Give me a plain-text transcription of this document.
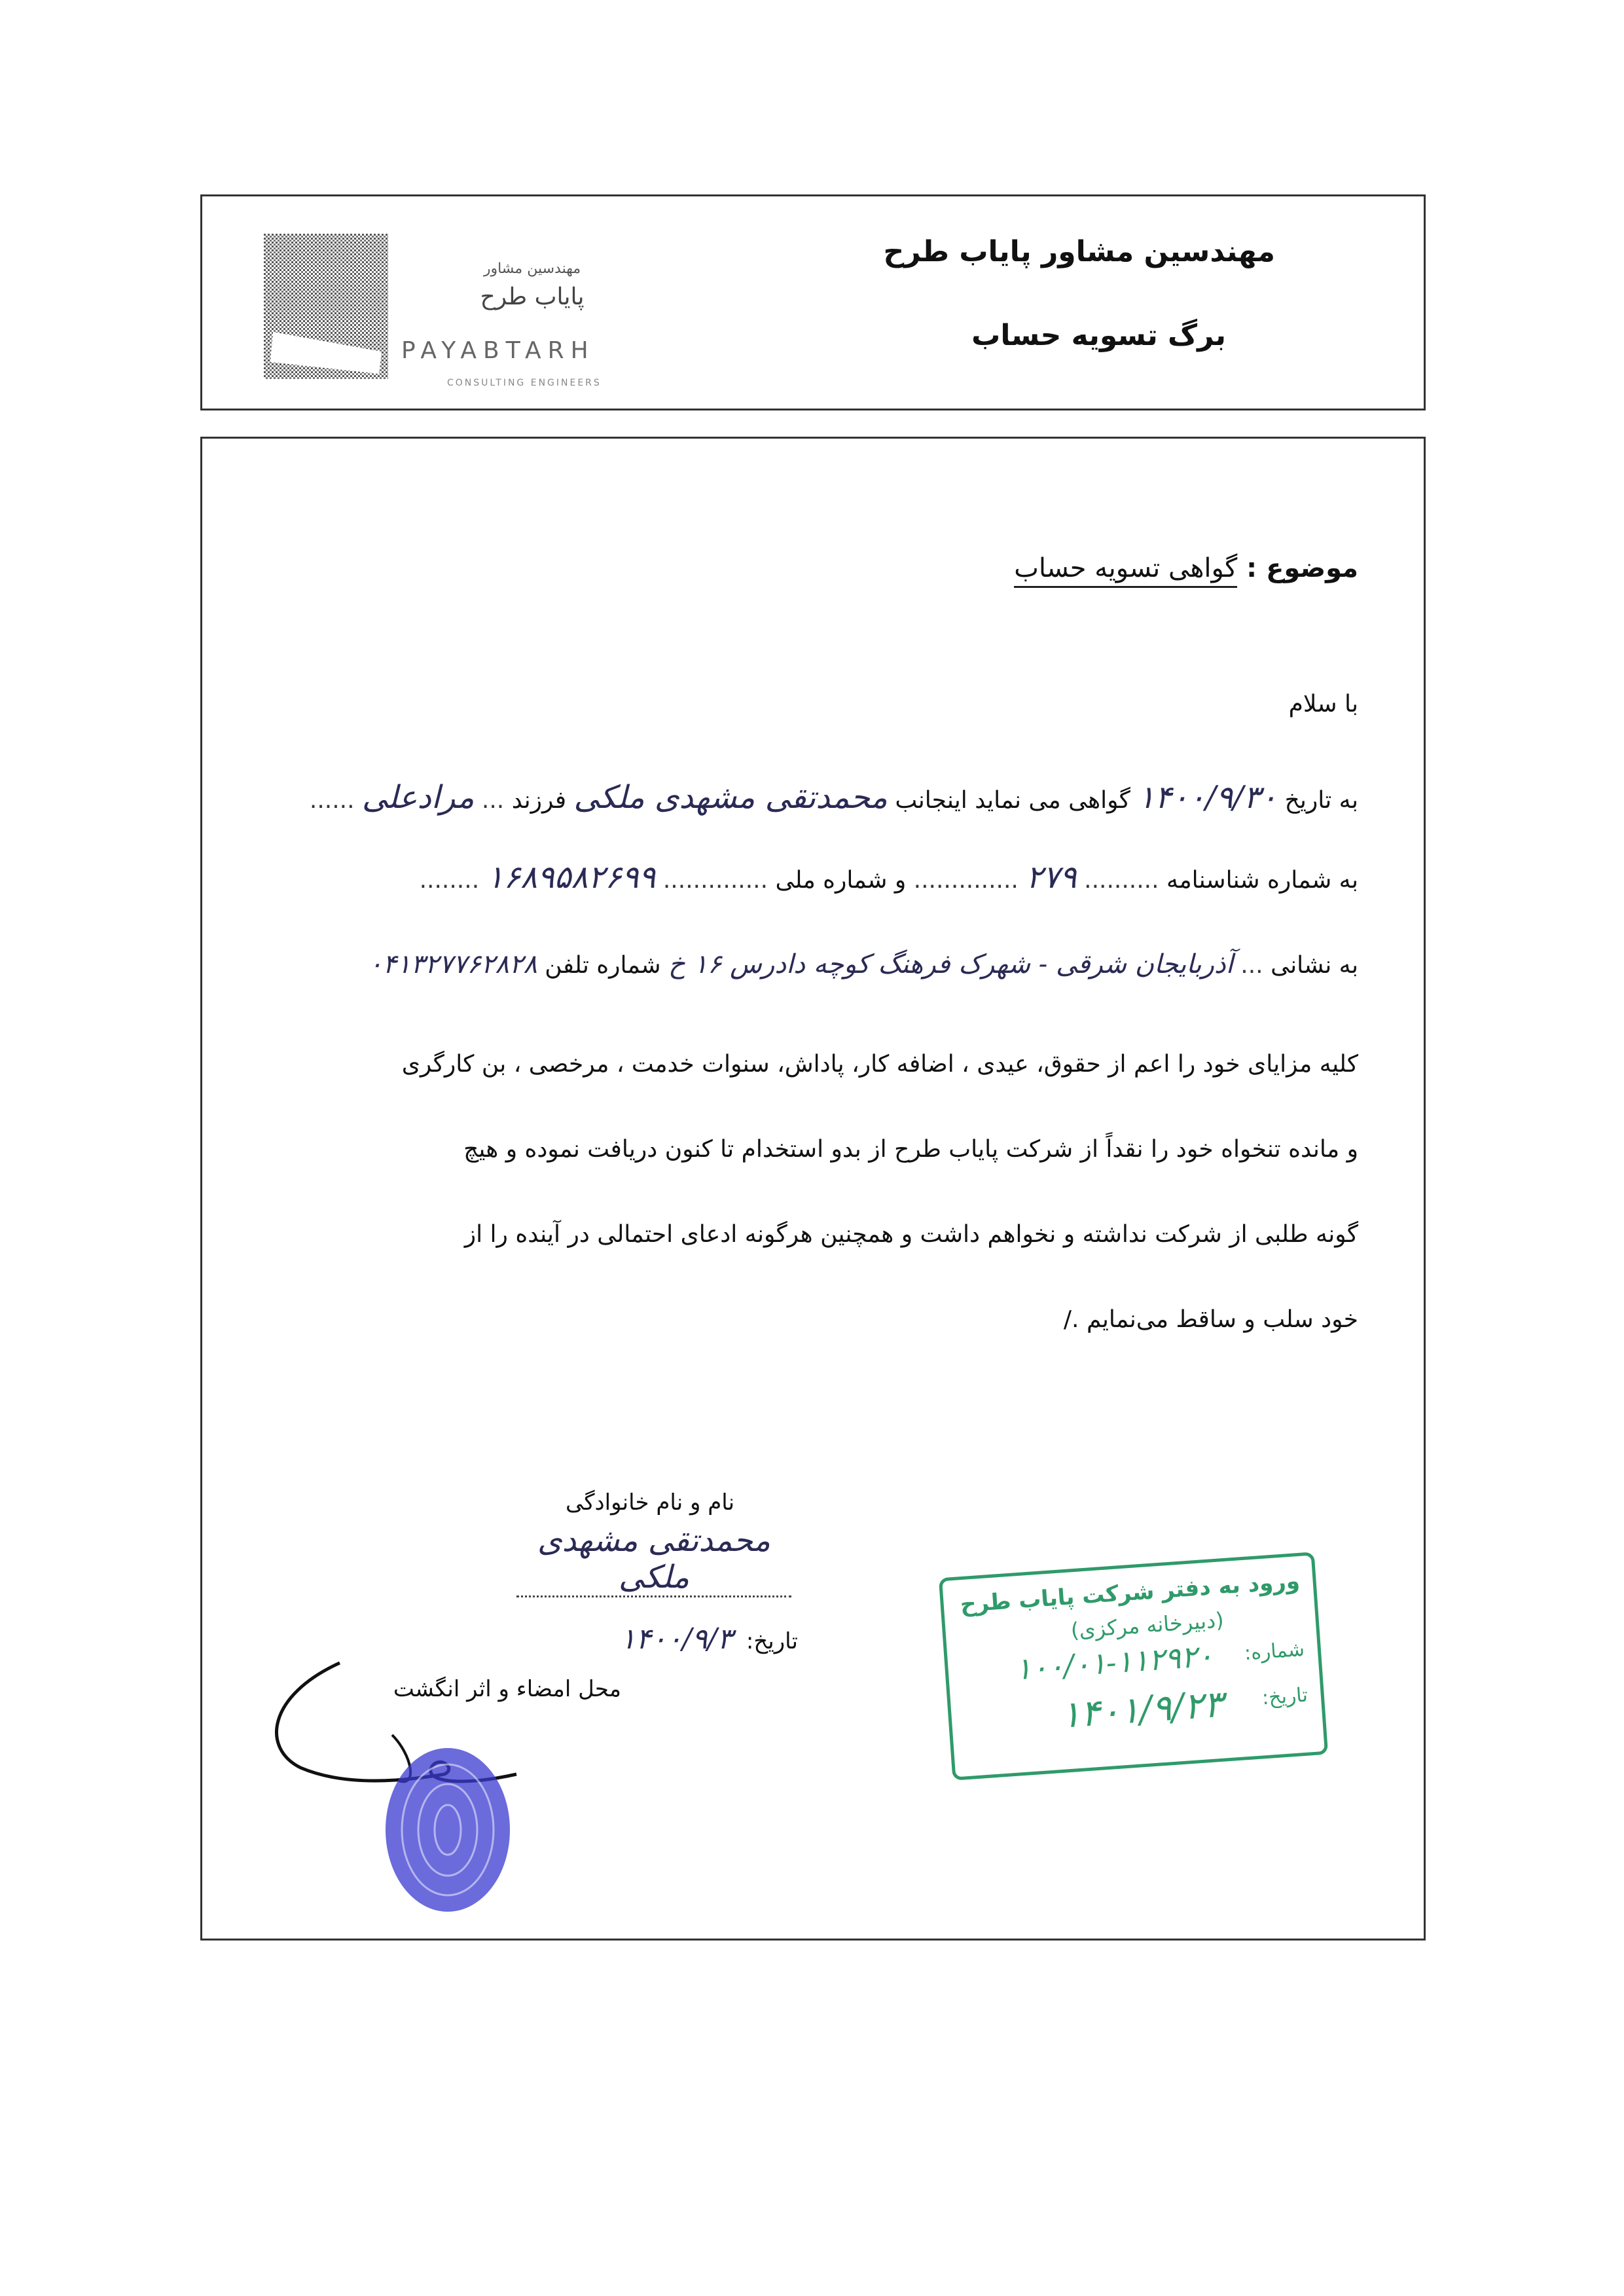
مهندسین مشاور پایاب طرح
برگ تسویه حساب
مهندسین مشاور
پایاب طرح
PAYABTARH
CONSULTING ENGINEERS
موضوع : گواهی تسویه حساب
با سلام
به تاریخ ۱۴۰۰/۹/۳۰ گواهی می نماید اینجانب محمدتقی مشهدی ملکی فرزند ... مرادعلی ......
به شماره شناسنامه .......... ۲۷۹ .............. و شماره ملی .............. ۱۶۸۹۵۸۲۶۹۹ ........
به نشانی ... آذربایجان شرقی - شهرک فرهنگ کوچه دادرس ۱۶ خ شماره تلفن ۰۴۱۳۲۷۷۶۲۸۲۸
کلیه مزایای خود را اعم از حقوق، عیدی ، اضافه کار، پاداش، سنوات خدمت ، مرخصی ، بن کارگری
و مانده تنخواه خود را نقداً از شرکت پایاب طرح از بدو استخدام تا کنون دریافت نموده و هیچ
گونه طلبی از شرکت نداشته و نخواهم داشت و همچنین هرگونه ادعای احتمالی در آینده را از
خود سلب و ساقط می‌نمایم ./
نام و نام خانوادگی
محمدتقی مشهدی ملکی
تاریخ: ۱۴۰۰/۹/۳
محل امضاء و اثر انگشت
ورود به دفتر شرکت پایاب طرح
(دبیرخانه مرکزی)
شماره:
۱۰۰/۰۱-۱۱۲۹۲۰
تاریخ:
۱۴۰۱/۹/۲۳
